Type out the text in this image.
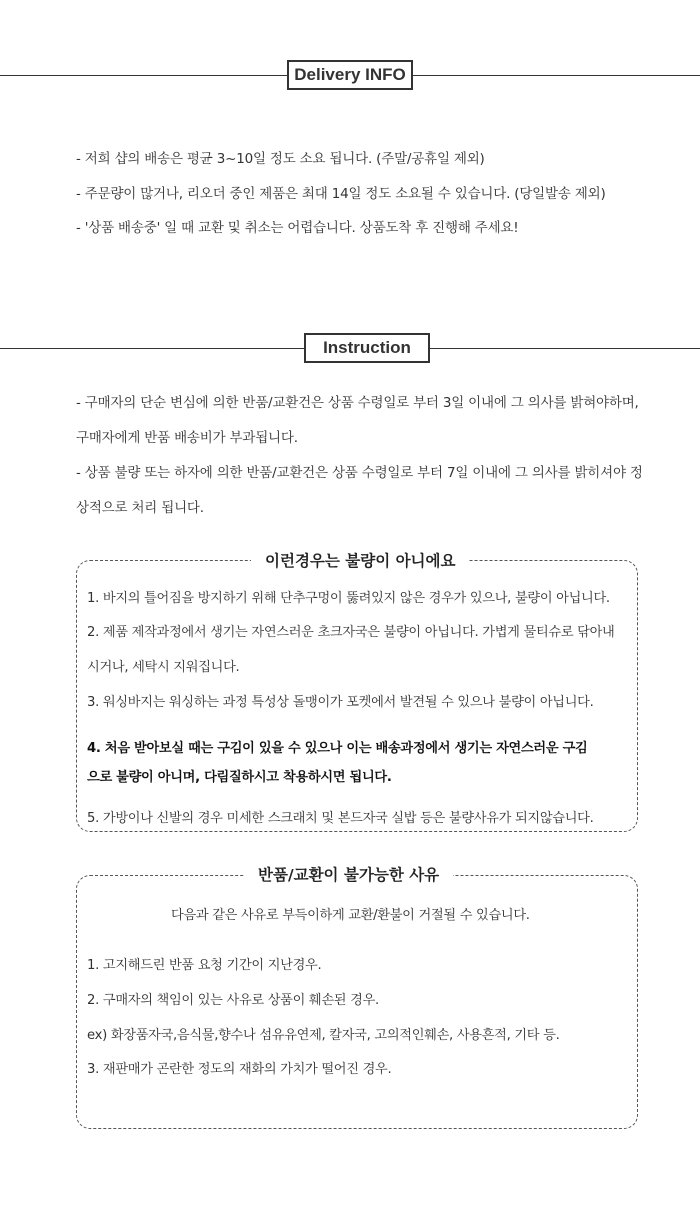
Delivery INFO
- 저희 샵의 배송은 평균 3~10일 정도 소요 됩니다. (주말/공휴일 제외)
- 주문량이 많거나, 리오더 중인 제품은 최대 14일 정도 소요될 수 있습니다. (당일발송 제외)
- '상품 배송중' 일 때 교환 및 취소는 어렵습니다. 상품도착 후 진행해 주세요!
Instruction
- 구매자의 단순 변심에 의한 반품/교환건은 상품 수령일로 부터 3일 이내에 그 의사를 밝혀야하며, 구매자에게 반품 배송비가 부과됩니다.
- 상품 불량 또는 하자에 의한 반품/교환건은 상품 수령일로 부터 7일 이내에 그 의사를 밝히셔야 정상적으로 처리 됩니다.
이런경우는 불량이 아니에요
1. 바지의 틀어짐을 방지하기 위해 단추구멍이 뚫려있지 않은 경우가 있으나, 불량이 아닙니다.
2. 제품 제작과정에서 생기는 자연스러운 초크자국은 불량이 아닙니다. 가볍게 물티슈로 닦아내
시거나, 세탁시 지워집니다.
3. 워싱바지는 워싱하는 과정 특성상 돌맹이가 포켓에서 발견될 수 있으나 불량이 아닙니다.
4. 처음 받아보실 때는 구김이 있을 수 있으나 이는 배송과정에서 생기는 자연스러운 구김
으로 불량이 아니며, 다림질하시고 착용하시면 됩니다.
5. 가방이나 신발의 경우 미세한 스크래치 및 본드자국 실밥 등은 불량사유가 되지않습니다.
반품/교환이 불가능한 사유
다음과 같은 사유로 부득이하게 교환/환불이 거절될 수 있습니다.
1. 고지해드린 반품 요청 기간이 지난경우.
2. 구매자의 책임이 있는 사유로 상품이 훼손된 경우.
ex) 화장품자국,음식물,향수나 섬유유연제, 칼자국, 고의적인훼손, 사용흔적, 기타 등.
3. 재판매가 곤란한 정도의 재화의 가치가 떨어진 경우.
